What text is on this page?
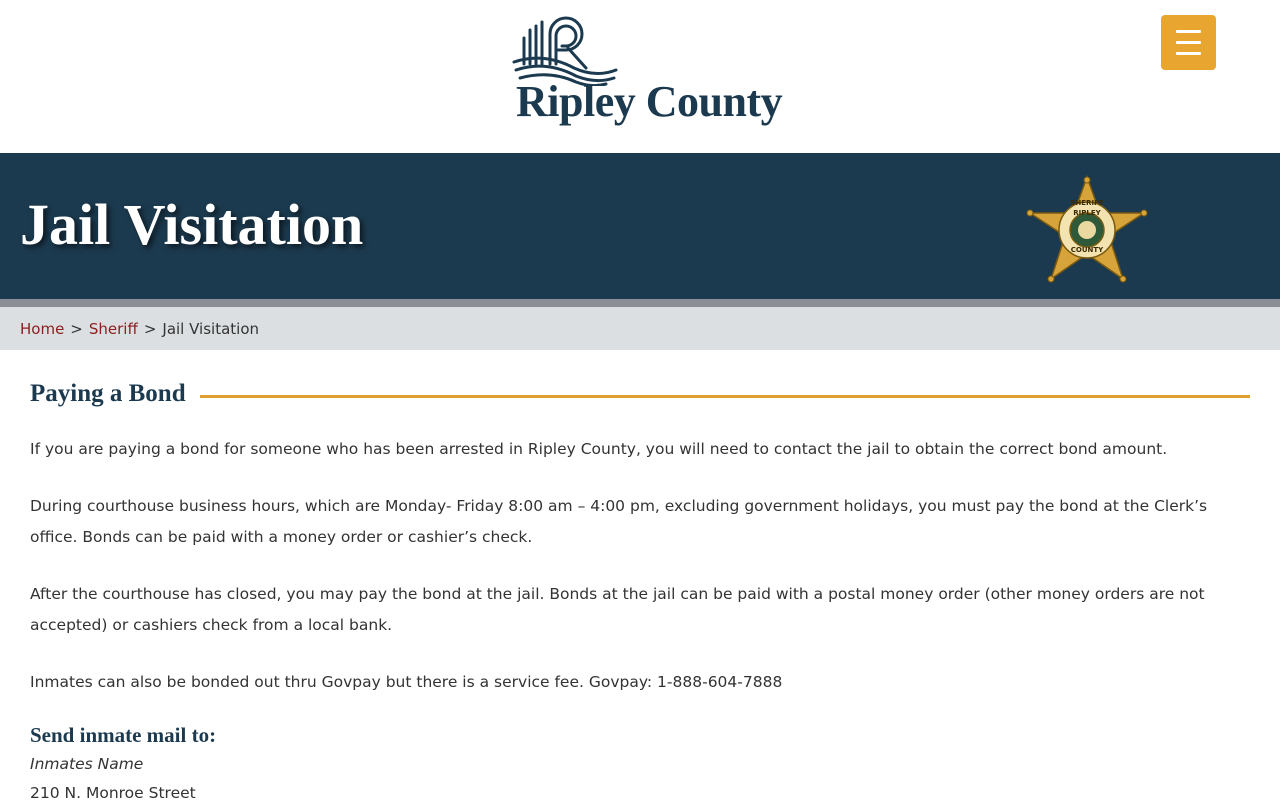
Ripley County
Jail Visitation	SHERIFF
RIPLEY
COUNTY
Home > Sheriff > Jail Visitation
Paying a Bond

If you are paying a bond for someone who has been arrested in Ripley County, you will need to contact the jail to obtain the correct bond amount.

During courthouse business hours, which are Monday- Friday 8:00 am – 4:00 pm, excluding government holidays, you must pay the bond at the Clerk’s office. Bonds can be paid with a money order or cashier’s check.

After the courthouse has closed, you may pay the bond at the jail. Bonds at the jail can be paid with a postal money order (other money orders are not accepted) or cashiers check from a local bank.

Inmates can also be bonded out thru Govpay but there is a service fee. Govpay: 1-888-604-7888

Send inmate mail to:
Inmates Name
210 N. Monroe Street
